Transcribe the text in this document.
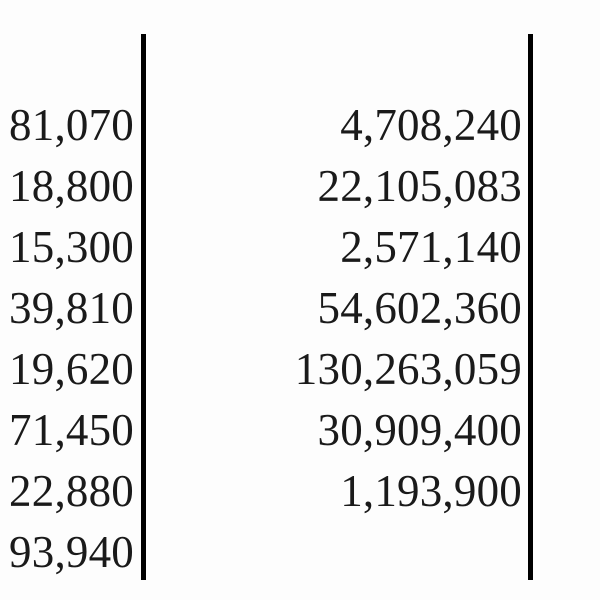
81,070
18,800
15,300
39,810
19,620
71,450
22,880
93,940
4,708,240
22,105,083
2,571,140
54,602,360
130,263,059
30,909,400
1,193,900
